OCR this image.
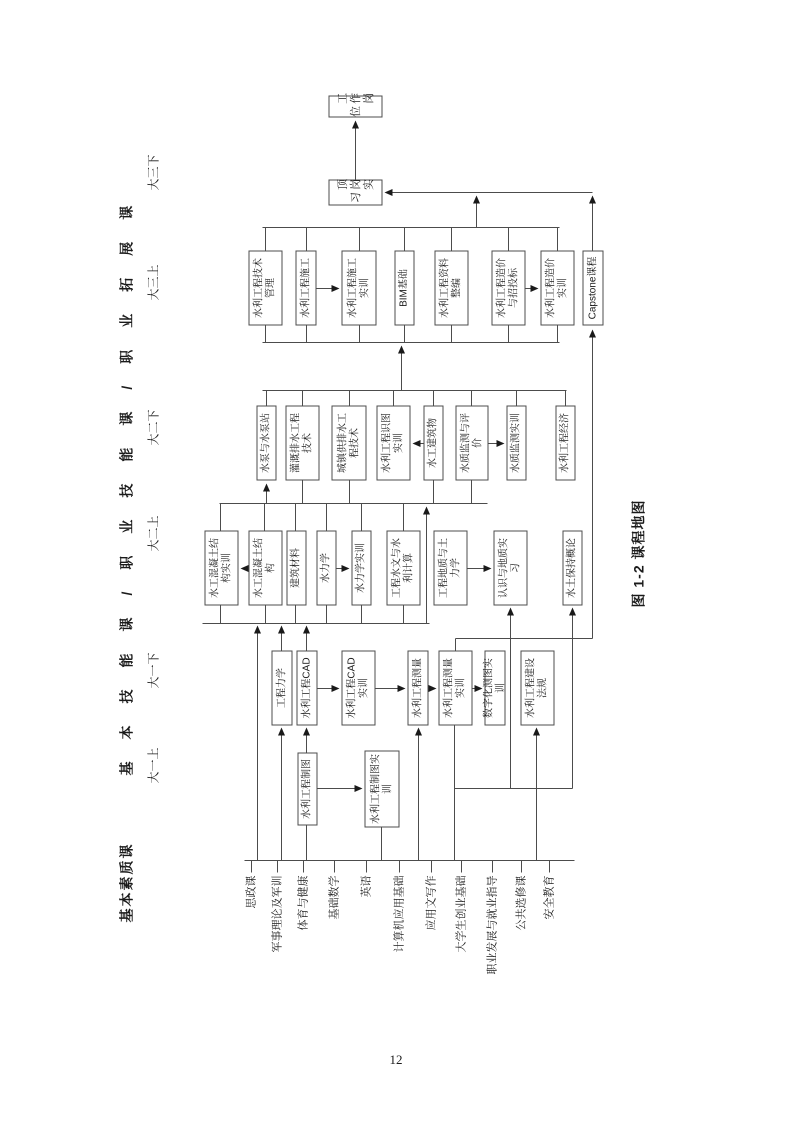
基本素质课
基本技能课/职业技能课/职业拓展课	图 1-2 课程地图
大一上
大一下
大二上
大二下
大三上
大三下
思政课 军事理论及军训 体育与健康 基础数学 英语 计算机应用基础 应用文写作 大学生创业基础 职业发展与就业指导 公共选修课 安全教育
水利工程制图	水利工程制图实训
工程力学	水利工程CAD	水利工程CAD实训	水利工程测量	水利工程测量实训	数字化测图实训	水利工程建设法规
水工混凝土结构实训	水工混凝土结构	建筑材料	水力学	水力学实训	工程水文与水利计算	工程地质与土力学	认识与地质实习	水土保持概论
水泵与水泵站	灌溉排水工程技术	城镇供排水工程技术	水利工程识图实训	水工建筑物	水质监测与评价	水质监测实训	水利工程经济
水利工程技术管理	水利工程施工	水利工程施工实训	BIM基础	水利工程资料整编	水利工程造价与招投标	水利工程造价实训	Capstone课程
顶岗实习
工作岗位
12
